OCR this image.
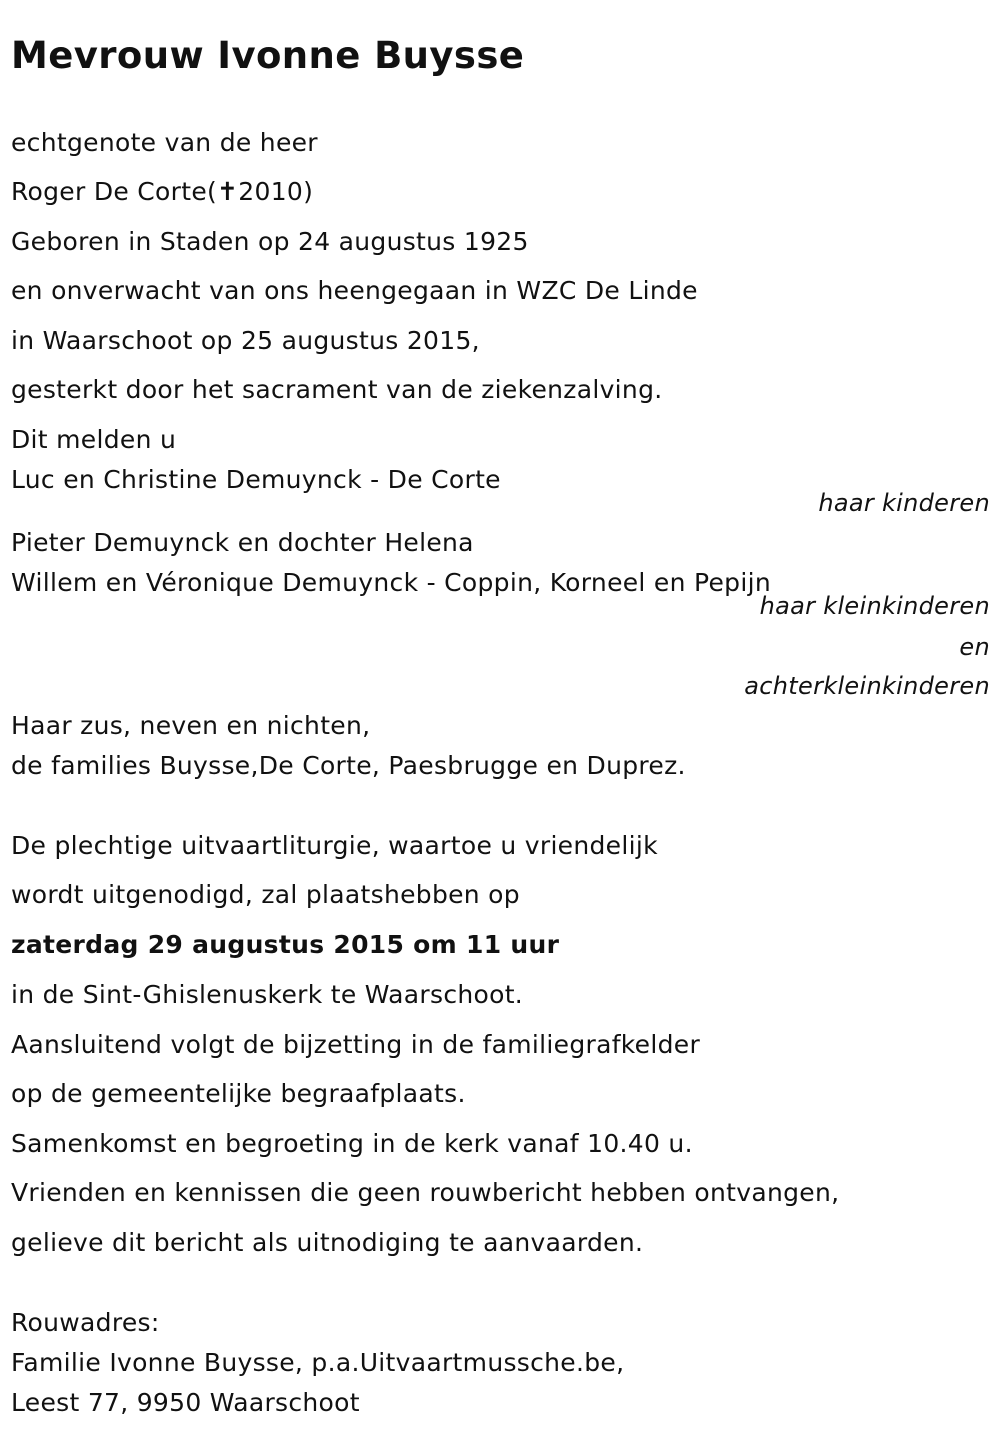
Mevrouw Ivonne Buysse
echtgenote van de heer
Roger De Corte(✝2010)
Geboren in Staden op 24 augustus 1925
en onverwacht van ons heengegaan in WZC De Linde
in Waarschoot op 25 augustus 2015,
gesterkt door het sacrament van de ziekenzalving.
Dit melden u
Luc en Christine Demuynck - De Corte
haar kinderen
Pieter Demuynck en dochter Helena
Willem en Véronique Demuynck - Coppin, Korneel en Pepijn
haar kleinkinderen
en
achterkleinkinderen
Haar zus, neven en nichten,
de families Buysse,De Corte, Paesbrugge en Duprez.
De plechtige uitvaartliturgie, waartoe u vriendelijk
wordt uitgenodigd, zal plaatshebben op
zaterdag 29 augustus 2015 om 11 uur
in de Sint-Ghislenuskerk te Waarschoot.
Aansluitend volgt de bijzetting in de familiegrafkelder
op de gemeentelijke begraafplaats.
Samenkomst en begroeting in de kerk vanaf 10.40 u.
Vrienden en kennissen die geen rouwbericht hebben ontvangen,
gelieve dit bericht als uitnodiging te aanvaarden.
Rouwadres:
Familie Ivonne Buysse, p.a.Uitvaartmussche.be,
Leest 77, 9950 Waarschoot
